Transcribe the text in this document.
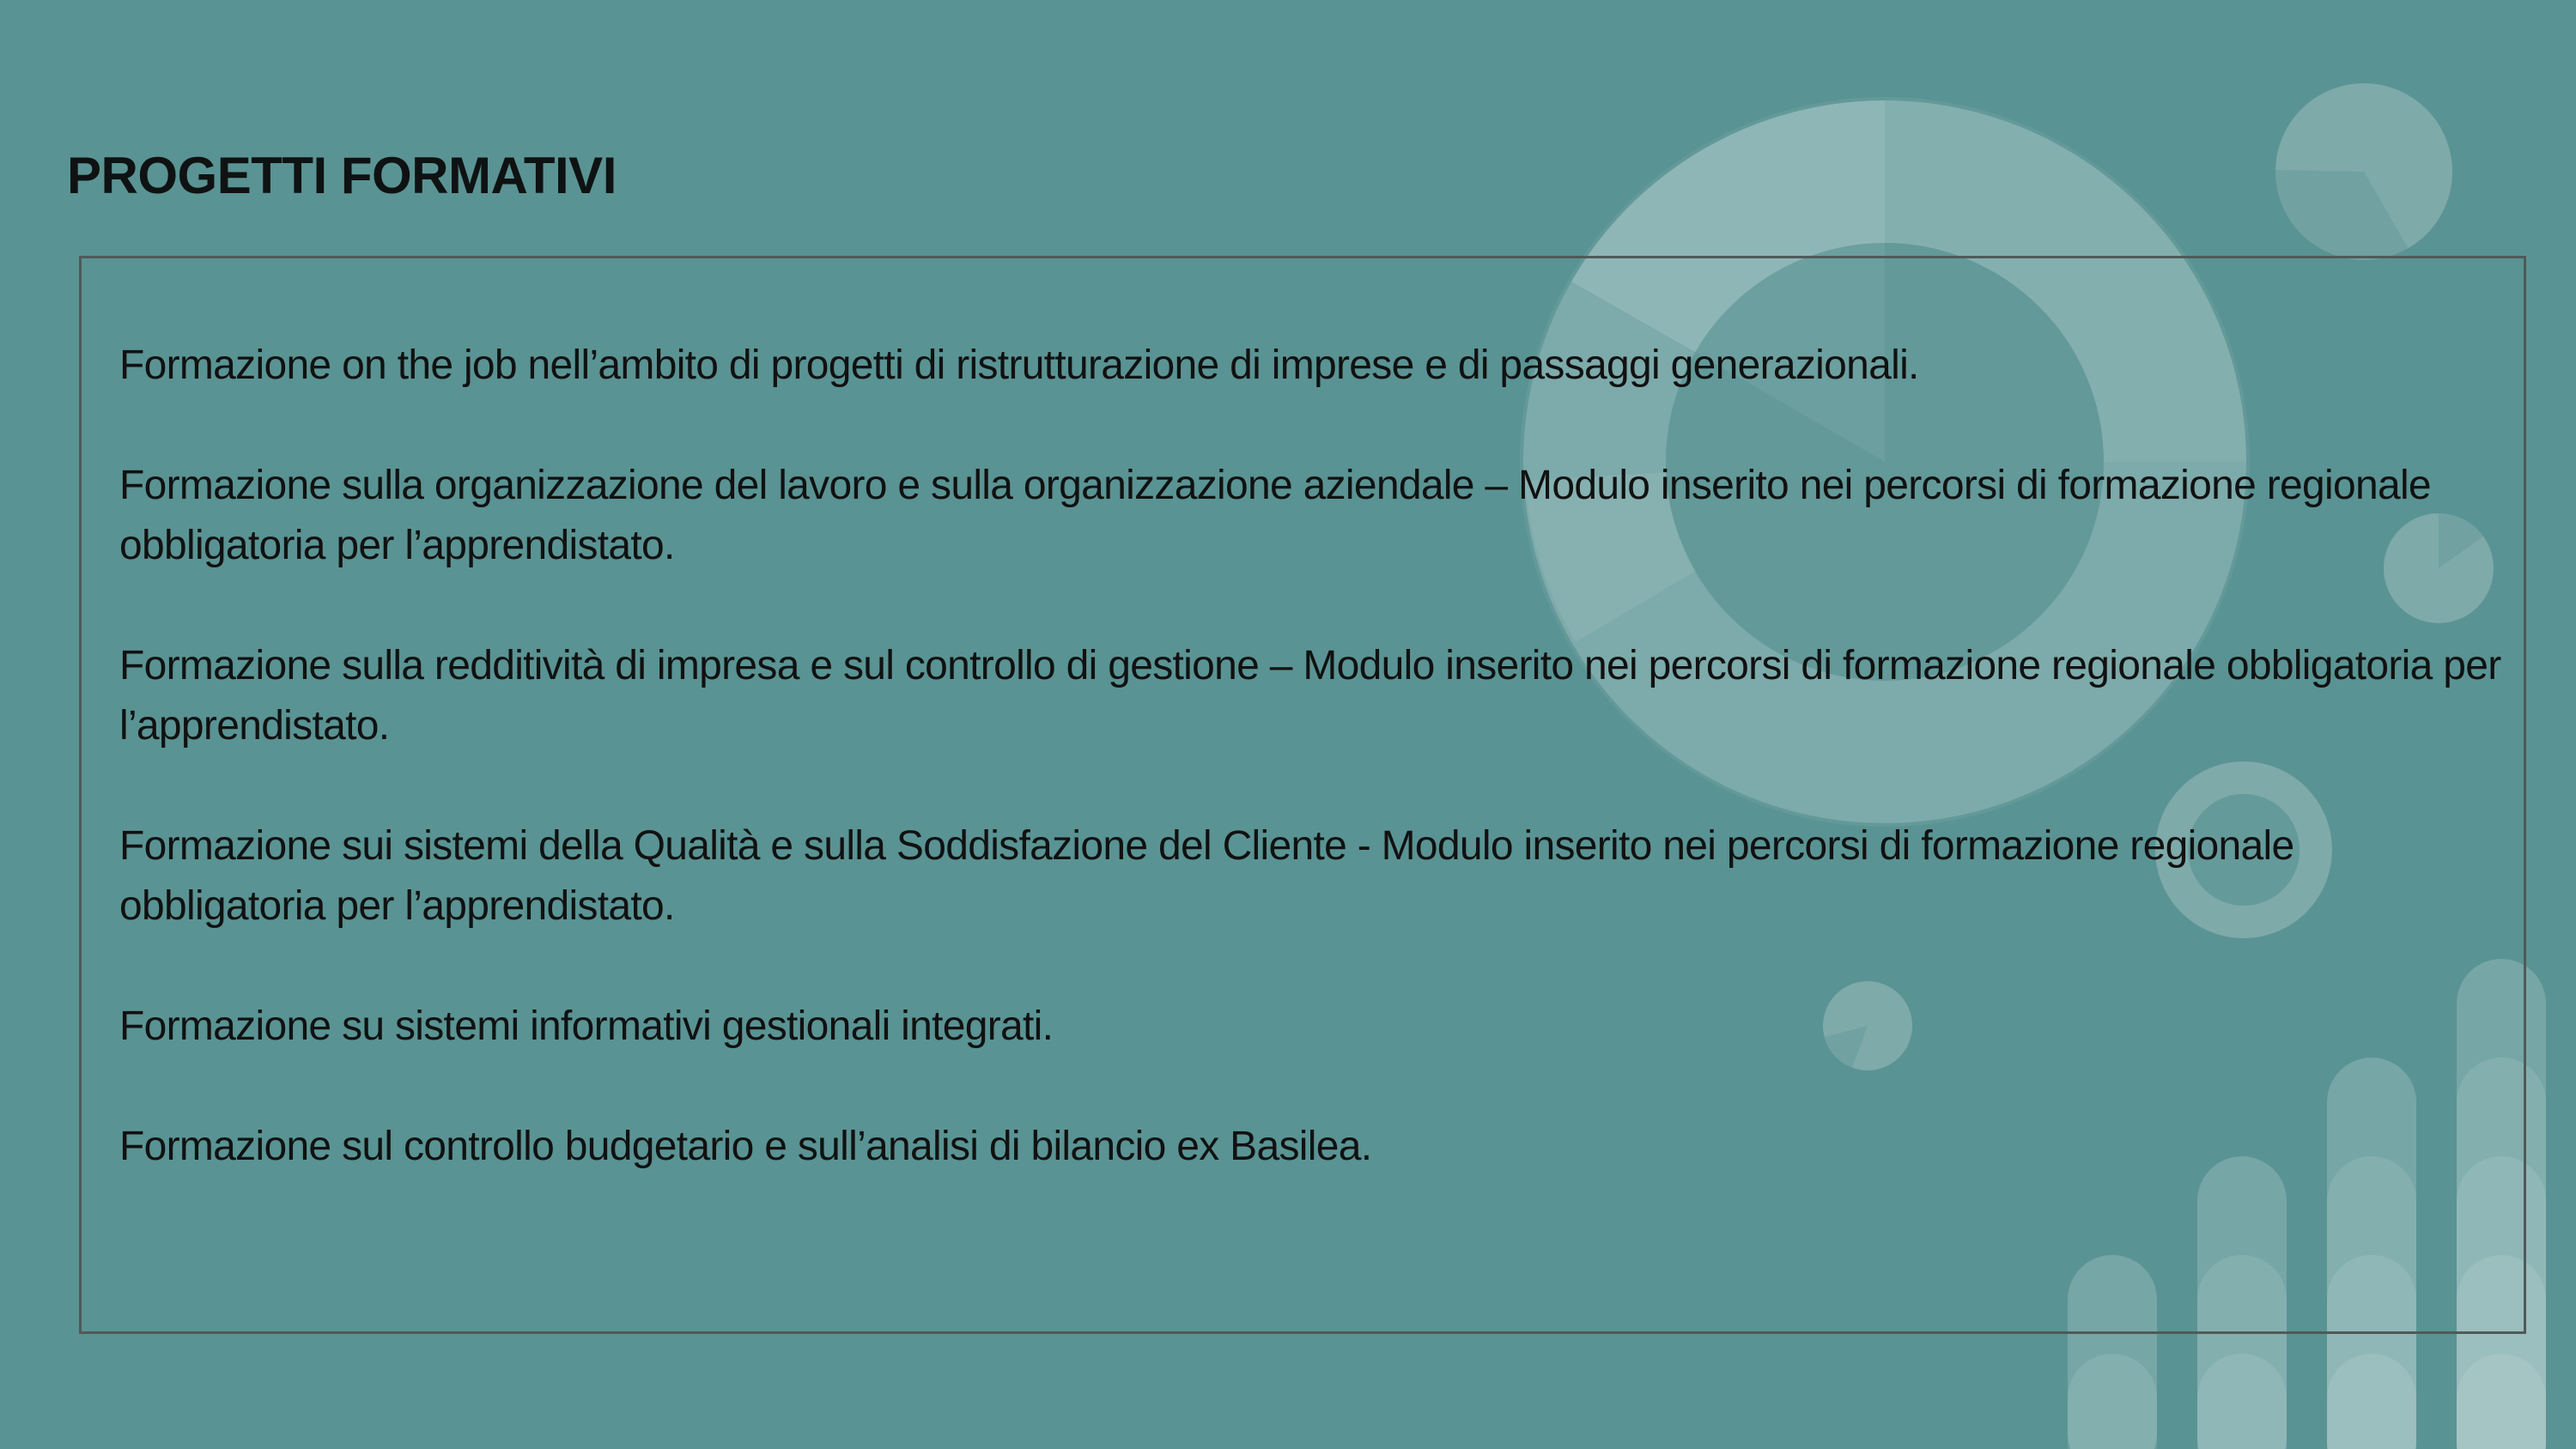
PROGETTI FORMATIVI
Formazione on the job nell’ambito di progetti di ristrutturazione di imprese e di passaggi generazionali.
Formazione sulla organizzazione del lavoro e sulla organizzazione aziendale – Modulo inserito nei percorsi di formazione regionale obbligatoria per l’apprendistato.
Formazione sulla redditività di impresa e sul controllo di gestione – Modulo inserito nei percorsi di formazione regionale obbligatoria per l’apprendistato.
Formazione sui sistemi della Qualità e sulla Soddisfazione del Cliente - Modulo inserito nei percorsi di formazione regionale obbligatoria per l’apprendistato.
Formazione su sistemi informativi gestionali integrati.
Formazione sul controllo budgetario e sull’analisi di bilancio ex Basilea.
